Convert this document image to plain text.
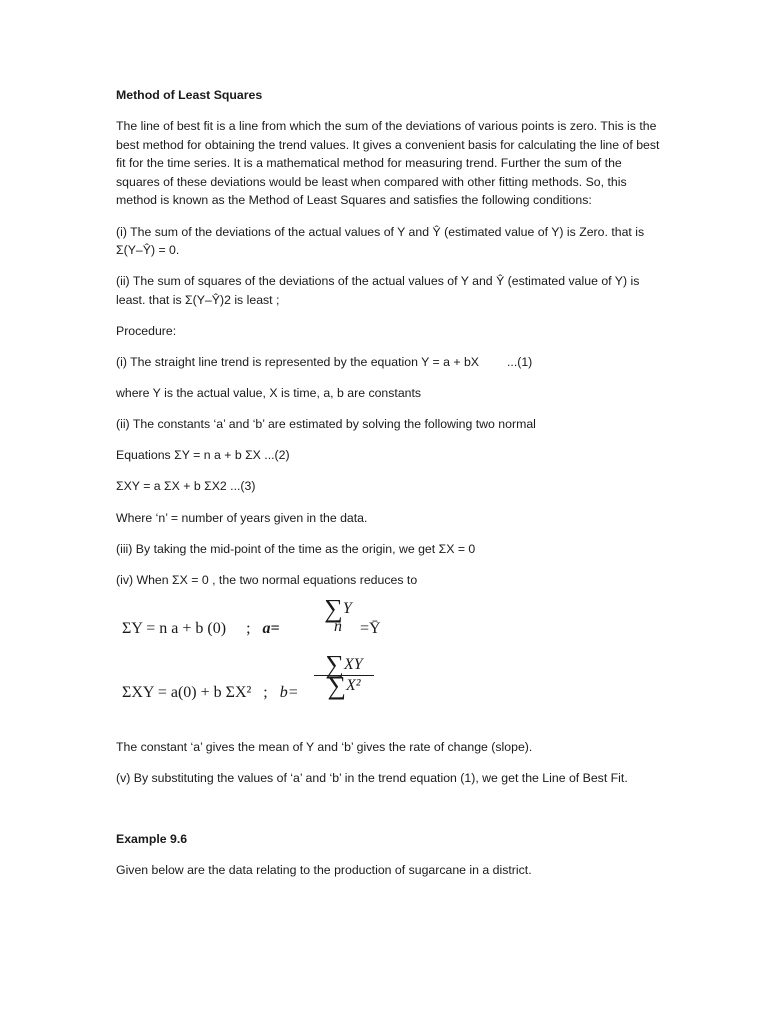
Method of Least Squares

The line of best fit is a line from which the sum of the deviations of various points is zero. This is the best method for obtaining the trend values. It gives a convenient basis for calculating the line of best fit for the time series. It is a mathematical method for measuring trend. Further the sum of the squares of these deviations would be least when compared with other fitting methods. So, this method is known as the Method of Least Squares and satisfies the following conditions:

(i) The sum of the deviations of the actual values of Y and Ŷ (estimated value of Y) is Zero. that is Σ(Y–Ŷ) = 0.

(ii) The sum of squares of the deviations of the actual values of Y and Ŷ (estimated value of Y) is least. that is Σ(Y–Ŷ)2 is least ;

Procedure:

(i) The straight line trend is represented by the equation Y = a + bX ...(1)

where Y is the actual value, X is time, a, b are constants

(ii) The constants ‘a’ and ‘b’ are estimated by solving the following two normal

Equations ΣY = n a + b ΣX ...(2)

ΣXY = a ΣX + b ΣX2 ...(3)

Where ‘n’ = number of years given in the data.

(iii) By taking the mid-point of the time as the origin, we get ΣX = 0

(iv) When ΣX = 0 , the two normal equations reduces to

ΣY = n a + b (0) ; a=
∑Y
n	=Ȳ
ΣXY = a(0) + b ΣX² ; b=
∑XY
∑X²

The constant ‘a’ gives the mean of Y and ‘b’ gives the rate of change (slope).

(v) By substituting the values of ‘a’ and ‘b’ in the trend equation (1), we get the Line of Best Fit.

Example 9.6

Given below are the data relating to the production of sugarcane in a district.
